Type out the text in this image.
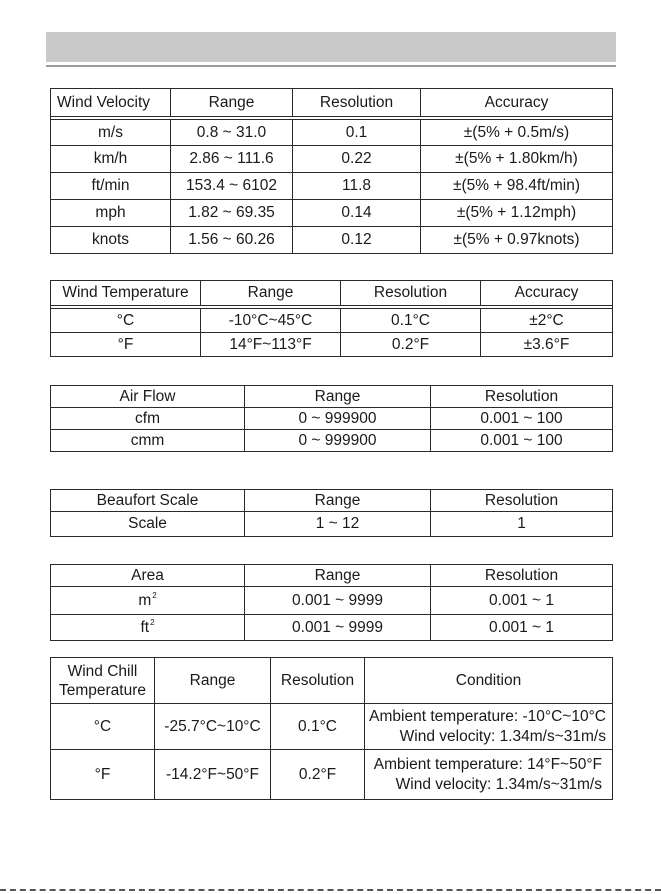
Wind Velocity	Range	Resolution	Accuracy

m/s	0.8 ~ 31.0	0.1	±(5% + 0.5m/s)
km/h	2.86 ~ 111.6	0.22	±(5% + 1.80km/h)
ft/min	153.4 ~ 6102	11.8	±(5% + 98.4ft/min)
mph	1.82 ~ 69.35	0.14	±(5% + 1.12mph)
knots	1.56 ~ 60.26	0.12	±(5% + 0.97knots)
Wind Temperature	Range	Resolution	Accuracy

°C	-10°C~45°C	0.1°C	±2°C
°F	14°F~113°F	0.2°F	±3.6°F
Air Flow	Range	Resolution
cfm	0 ~ 999900	0.001 ~ 100
cmm	0 ~ 999900	0.001 ~ 100
Beaufort Scale	Range	Resolution
Scale	1 ~ 12	1
Area	Range	Resolution
$m^2$	0.001 ~ 9999	0.001 ~ 1
$ft^2$	0.001 ~ 9999	0.001 ~ 1
Wind Chill Temperature	Range	Resolution	Condition
°C	-25.7°C~10°C	0.1°C	Ambient temperature: -10°C~10°C
Wind velocity: 1.34m/s~31m/s

°F	-14.2°F~50°F	0.2°F	Ambient temperature: 14°F~50°F
Wind velocity: 1.34m/s~31m/s
